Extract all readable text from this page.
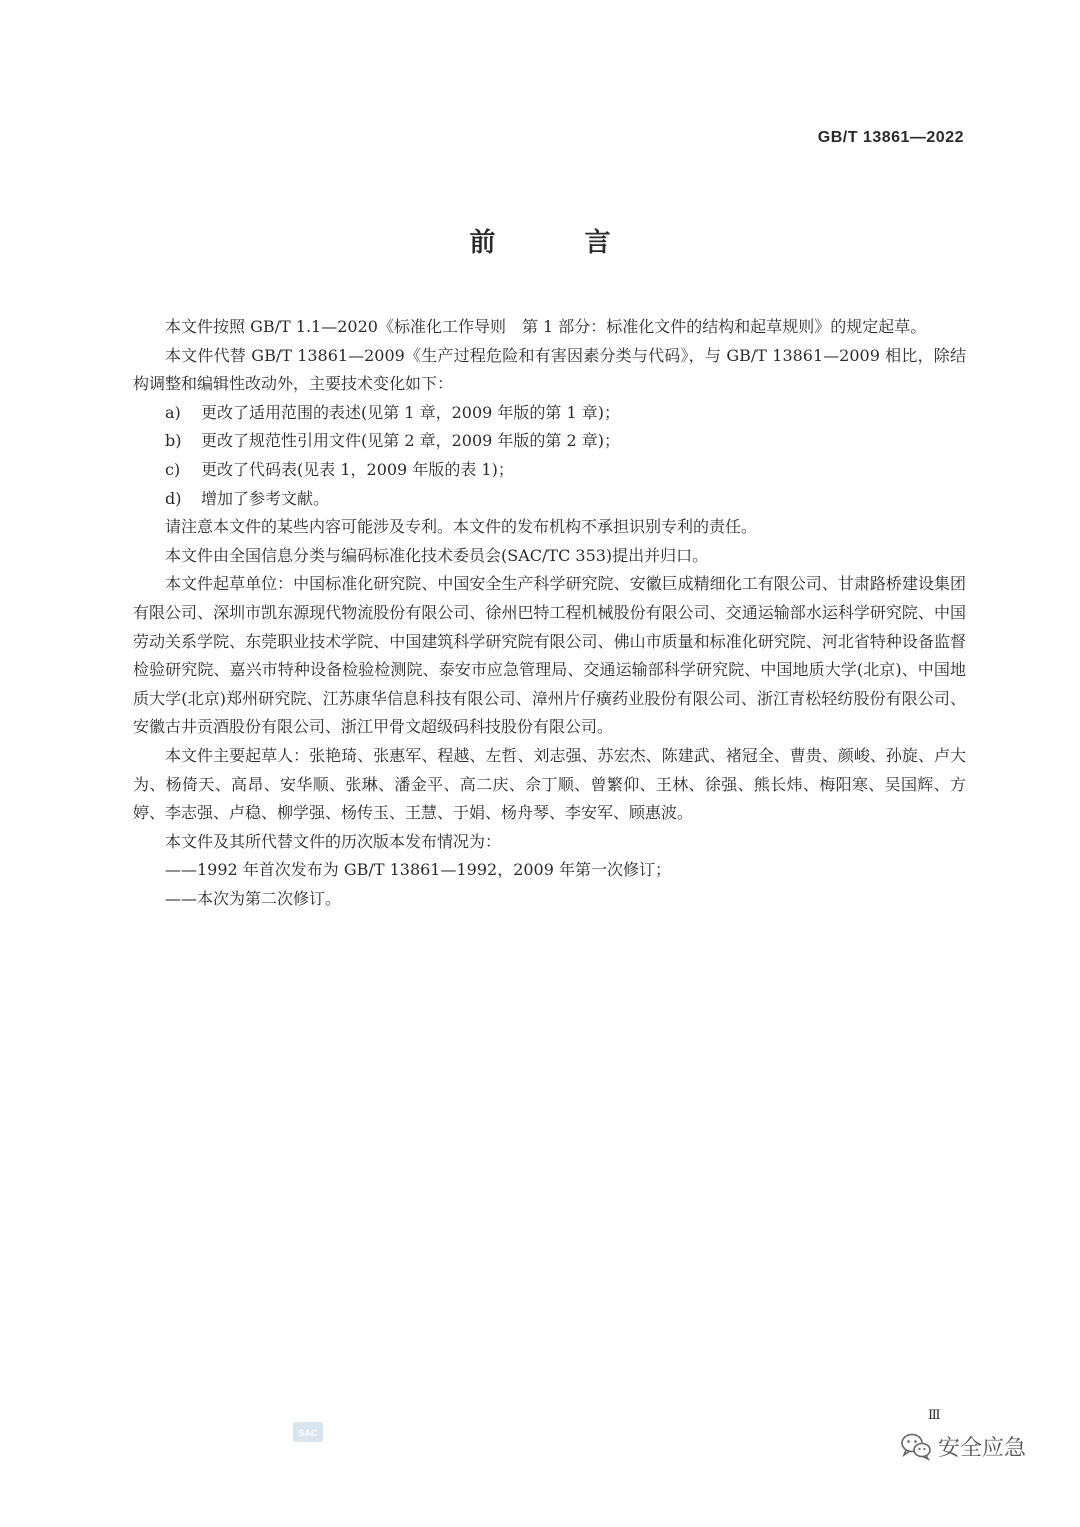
GB/T 13861—2022
前 言

本文件按照 GB/T 1.1—2020《标准化工作导则　第 1 部分：标准化文件的结构和起草规则》的规定起草。

本文件代替 GB/T 13861—2009《生产过程危险和有害因素分类与代码》，与 GB/T 13861—2009 相比，除结构调整和编辑性改动外，主要技术变化如下：

a) 更改了适用范围的表述(见第 1 章，2009 年版的第 1 章)；

b) 更改了规范性引用文件(见第 2 章，2009 年版的第 2 章)；

c) 更改了代码表(见表 1，2009 年版的表 1)；

d) 增加了参考文献。

请注意本文件的某些内容可能涉及专利。本文件的发布机构不承担识别专利的责任。

本文件由全国信息分类与编码标准化技术委员会(SAC/TC 353)提出并归口。

本文件起草单位：中国标准化研究院、中国安全生产科学研究院、安徽巨成精细化工有限公司、甘肃路桥建设集团有限公司、深圳市凯东源现代物流股份有限公司、徐州巴特工程机械股份有限公司、交通运输部水运科学研究院、中国劳动关系学院、东莞职业技术学院、中国建筑科学研究院有限公司、佛山市质量和标准化研究院、河北省特种设备监督检验研究院、嘉兴市特种设备检验检测院、泰安市应急管理局、交通运输部科学研究院、中国地质大学(北京)、中国地质大学(北京)郑州研究院、江苏康华信息科技有限公司、漳州片仔癀药业股份有限公司、浙江青松轻纺股份有限公司、安徽古井贡酒股份有限公司、浙江甲骨文超级码科技股份有限公司。

本文件主要起草人：张艳琦、张惠军、程越、左哲、刘志强、苏宏杰、陈建武、褚冠全、曹贵、颜峻、孙旋、卢大为、杨倚天、高昂、安华顺、张琳、潘金平、高二庆、佘丁顺、曾繁仰、王林、徐强、熊长炜、梅阳寒、吴国辉、方婷、李志强、卢稳、柳学强、杨传玉、王慧、于娟、杨舟琴、李安军、顾惠波。

本文件及其所代替文件的历次版本发布情况为：

——1992 年首次发布为 GB/T 13861—1992，2009 年第一次修订；

——本次为第二次修订。

Ⅲ
SAC
安全应急
